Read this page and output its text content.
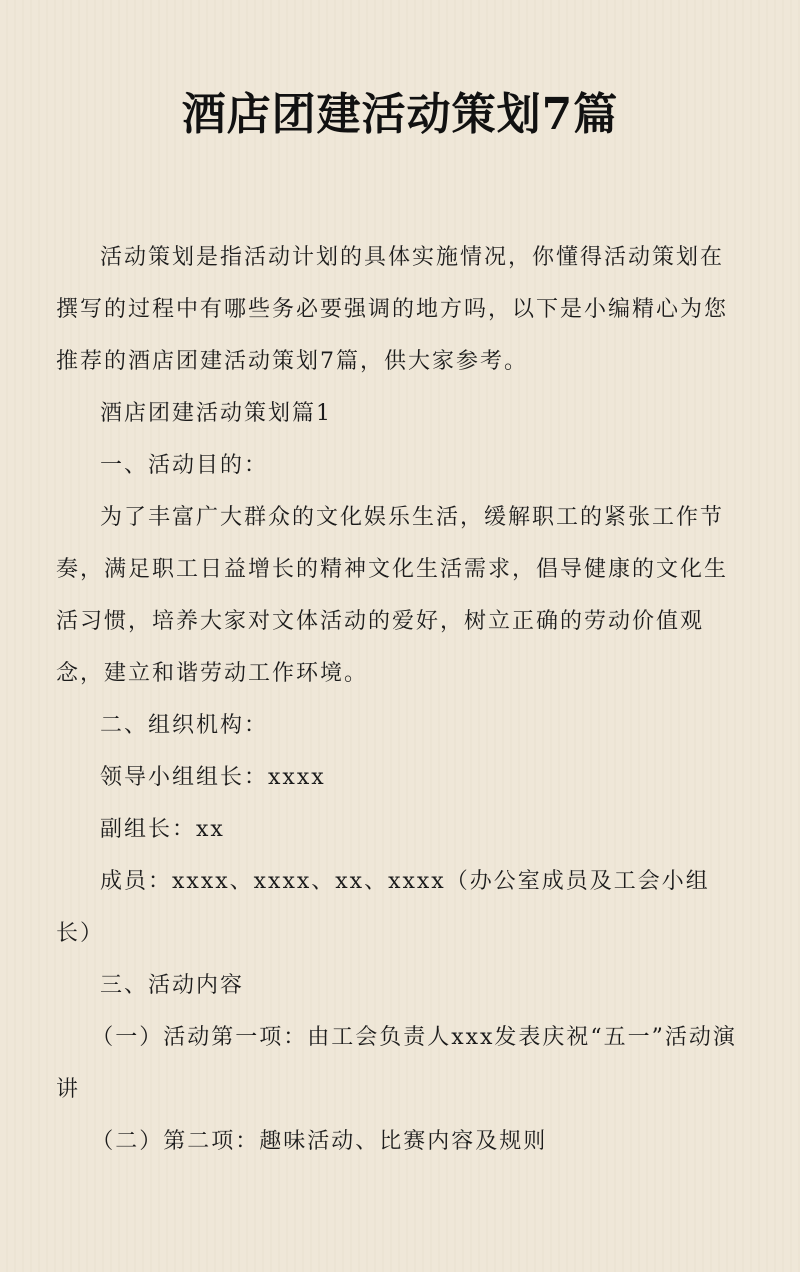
酒店团建活动策划7篇

活动策划是指活动计划的具体实施情况，你懂得活动策划在撰写的过程中有哪些务必要强调的地方吗，以下是小编精心为您推荐的酒店团建活动策划7篇，供大家参考。

酒店团建活动策划篇1

一、活动目的：

为了丰富广大群众的文化娱乐生活，缓解职工的紧张工作节奏，满足职工日益增长的精神文化生活需求，倡导健康的文化生活习惯，培养大家对文体活动的爱好，树立正确的劳动价值观念，建立和谐劳动工作环境。

二、组织机构：

领导小组组长：xxxx

副组长：xx

成员：xxxx、xxxx、xx、xxxx（办公室成员及工会小组长）

三、活动内容

（一）活动第一项：由工会负责人xxx发表庆祝“五一”活动演讲

（二）第二项：趣味活动、比赛内容及规则
